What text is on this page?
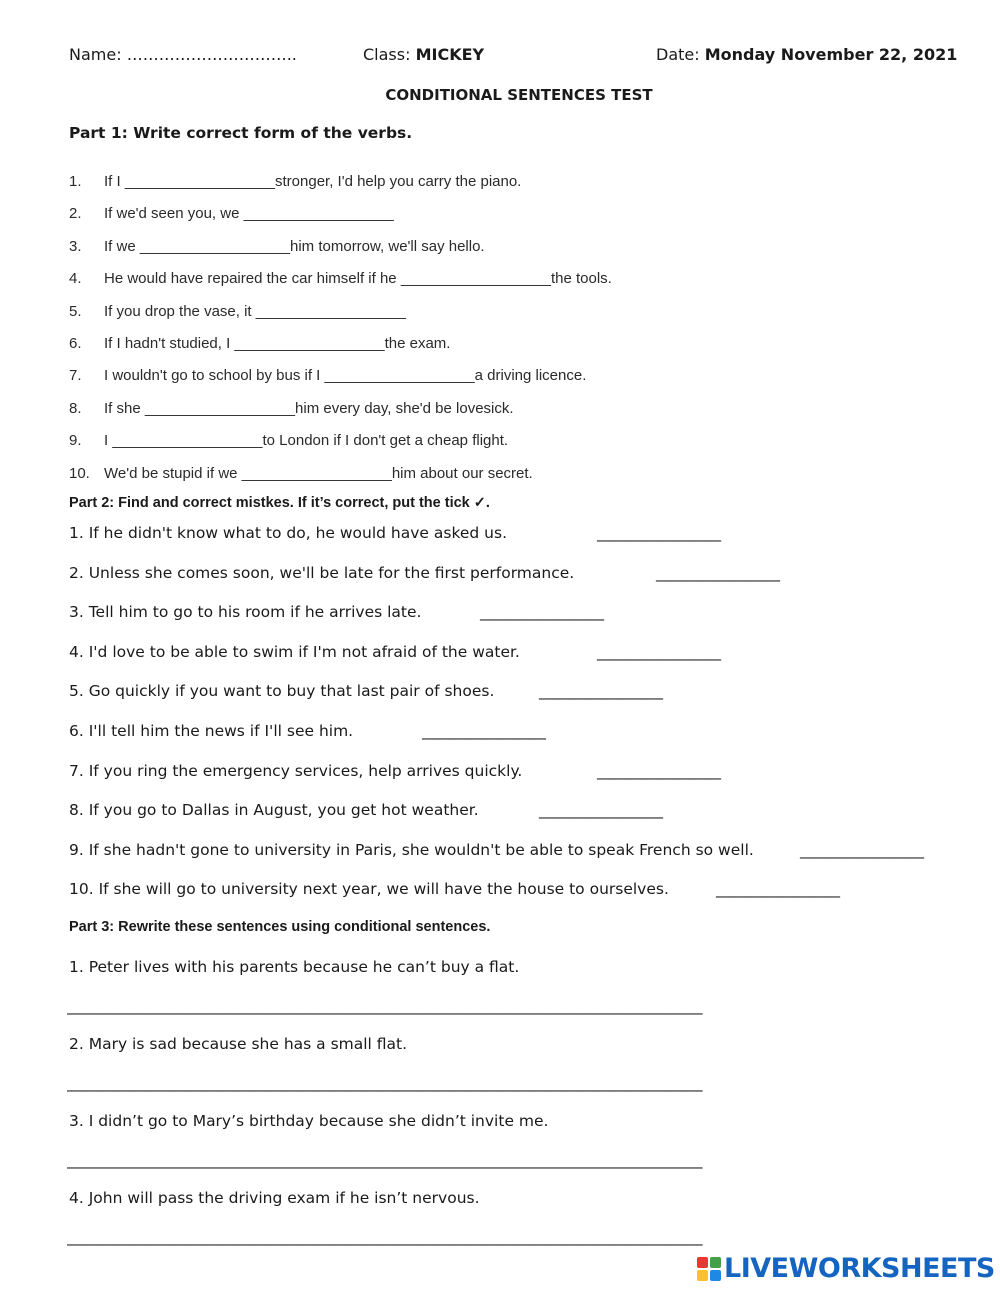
Name: …………………………..	Class: MICKEY	Date: Monday November 22, 2021
CONDITIONAL SENTENCES TEST
Part 1: Write correct form of the verbs.
1. If I __________________stronger, I'd help you carry the piano.
2. If we'd seen you, we __________________
3. If we __________________him tomorrow, we'll say hello.
4. He would have repaired the car himself if he __________________the tools.
5. If you drop the vase, it __________________
6. If I hadn't studied, I __________________the exam.
7. I wouldn't go to school by bus if I __________________a driving licence.
8. If she __________________him every day, she'd be lovesick.
9. I __________________to London if I don't get a cheap flight.
10. We'd be stupid if we __________________him about our secret.
Part 2: Find and correct mistkes. If it’s correct, put the tick ✓.
1. If he didn't know what to do, he would have asked us.	________________
2. Unless she comes soon, we'll be late for the first performance.	________________
3. Tell him to go to his room if he arrives late.	________________
4. I'd love to be able to swim if I'm not afraid of the water.	________________
5. Go quickly if you want to buy that last pair of shoes.	________________
6. I'll tell him the news if I'll see him.	________________
7. If you ring the emergency services, help arrives quickly.	________________
8. If you go to Dallas in August, you get hot weather.	________________
9. If she hadn't gone to university in Paris, she wouldn't be able to speak French so well.	________________
10. If she will go to university next year, we will have the house to ourselves.	________________
Part 3: Rewrite these sentences using conditional sentences.
1. Peter lives with his parents because he can’t buy a flat.
__________________________________________________________________________________
2. Mary is sad because she has a small flat.
__________________________________________________________________________________
3. I didn’t go to Mary’s birthday because she didn’t invite me.
__________________________________________________________________________________
4. John will pass the driving exam if he isn’t nervous.
__________________________________________________________________________________
LIVEWORKSHEETS
